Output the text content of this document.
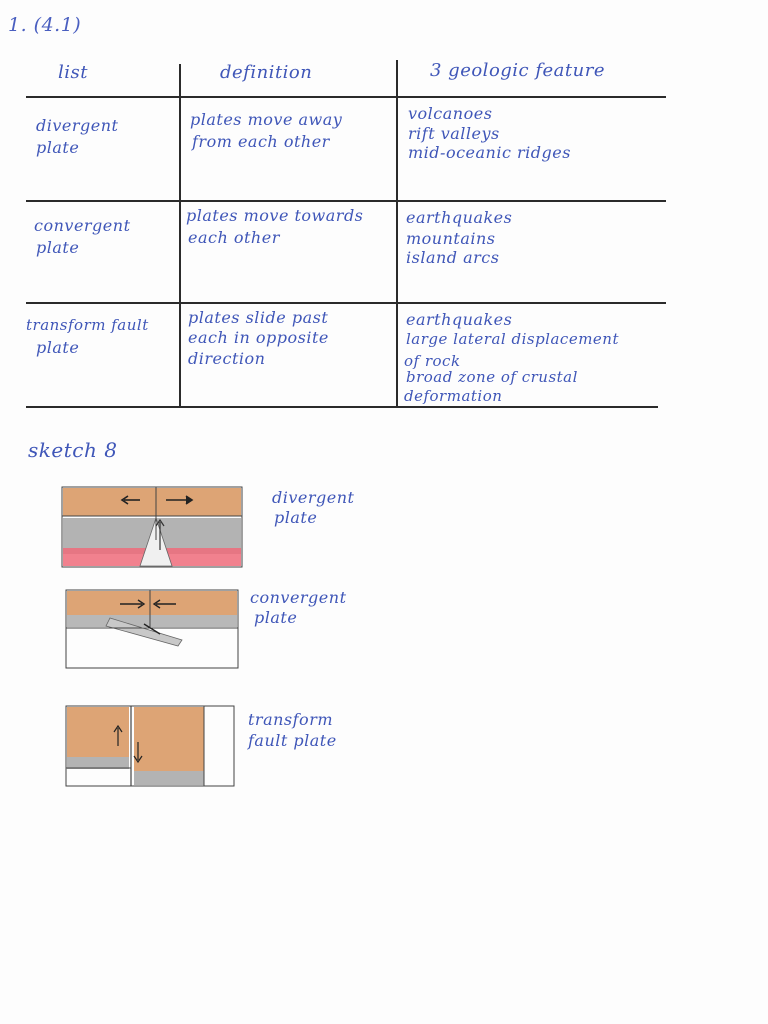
1. (4.1)
list	definition	3 geologic feature
divergent
plate
plates move away
from each other
volcanoes
rift valleys
mid-oceanic ridges
convergent
plate
plates move towards
each other
earthquakes
mountains
island arcs
transform fault
plate
plates slide past
each in opposite
direction
earthquakes
large lateral displacement
of rock
broad zone of crustal
deformation
sketch 8
divergent
plate
convergent
plate
transform
fault plate
